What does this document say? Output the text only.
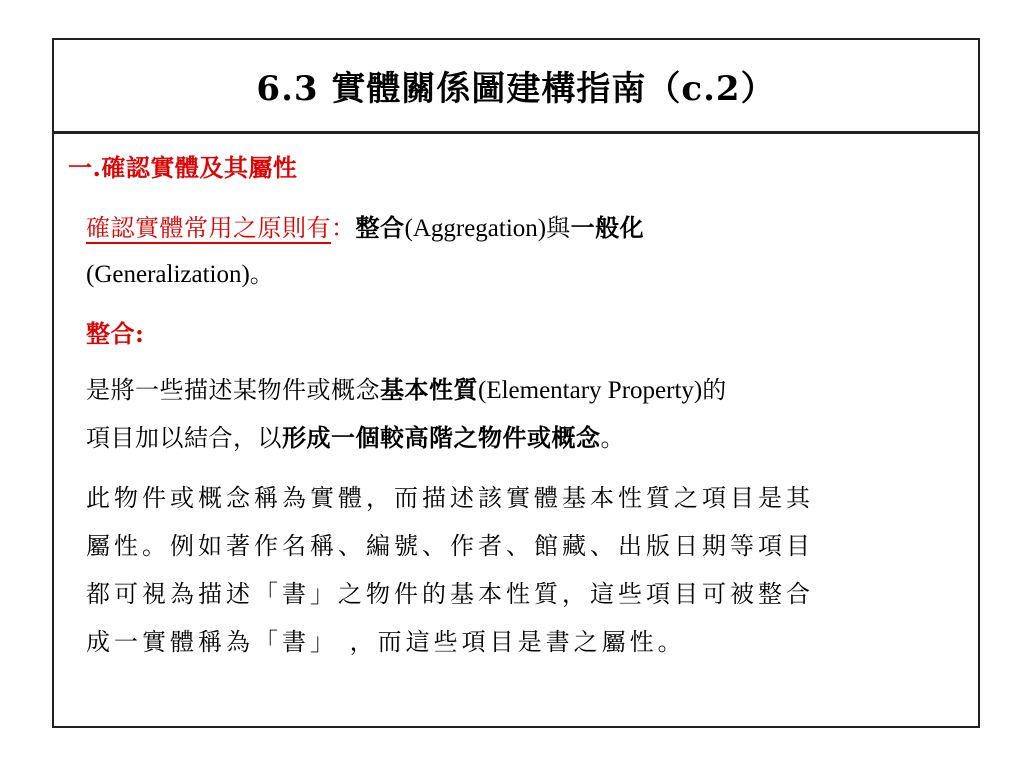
6.3 實體關係圖建構指南（c.2）
一.確認實體及其屬性
確認實體常用之原則有：整合(Aggregation)與一般化
(Generalization)。
整合:
是將一些描述某物件或概念基本性質(Elementary Property)的
項目加以結合，以形成一個較高階之物件或概念。
此物件或概念稱為實體，而描述該實體基本性質之項目是其
屬性。例如著作名稱、編號、作者、館藏、出版日期等項目
都可視為描述「書」之物件的基本性質，這些項目可被整合
成一實體稱為「書」 ，而這些項目是書之屬性。
